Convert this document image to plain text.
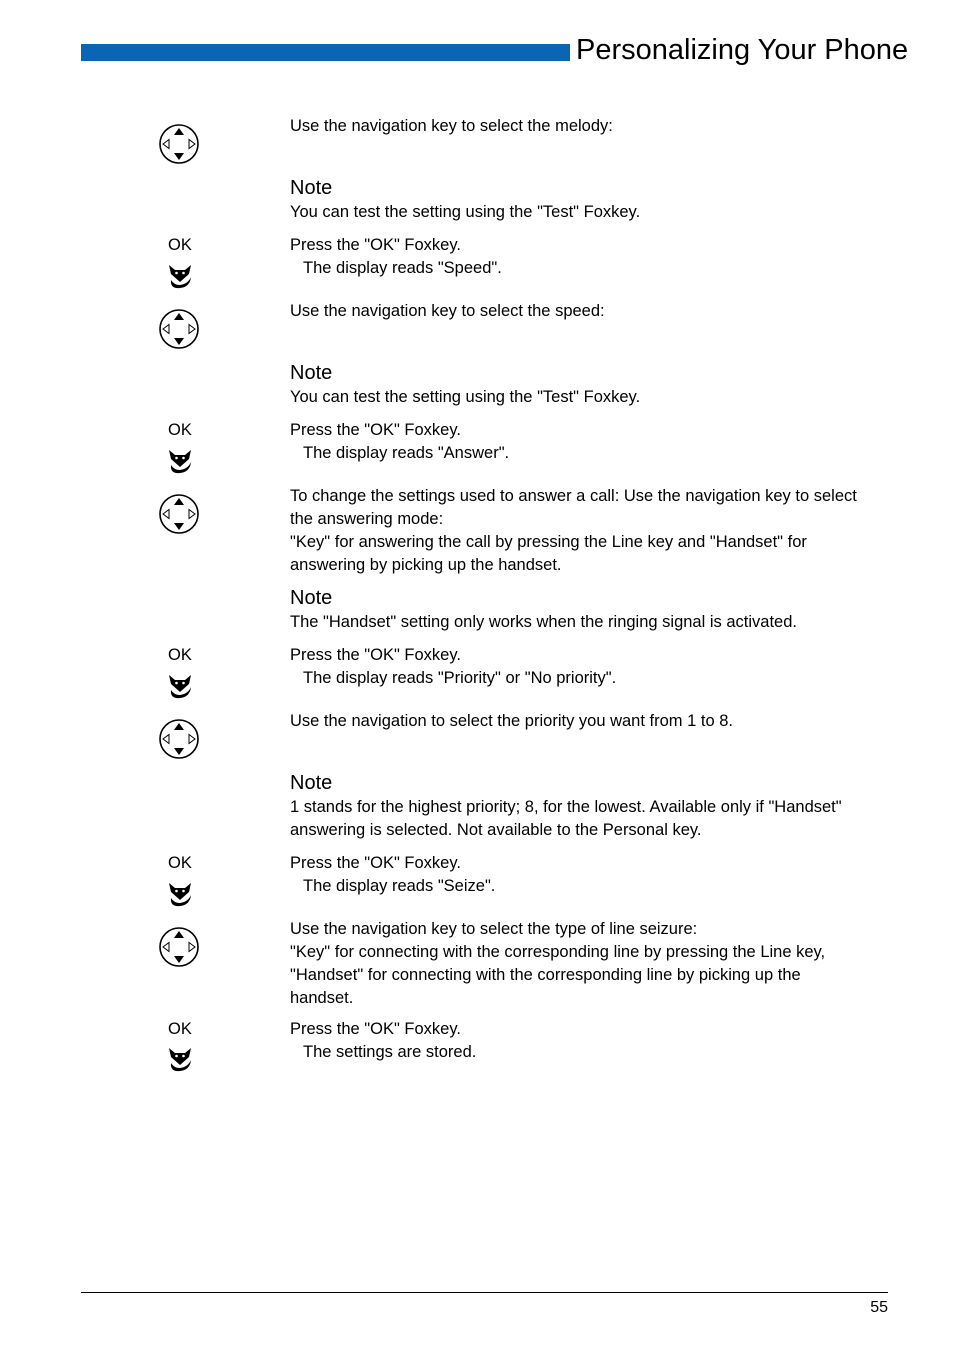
Personalizing Your Phone
Use the navigation key to select the melody:
Note
You can test the setting using the "Test" Foxkey.
OK	Press the "OK" Foxkey.
The display reads "Speed".
Use the navigation key to select the speed:
Note
You can test the setting using the "Test" Foxkey.
OK	Press the "OK" Foxkey.
The display reads "Answer".
To change the settings used to answer a call: Use the navigation key to select
the answering mode:
"Key" for answering the call by pressing the Line key and "Handset" for
answering by picking up the handset.
Note
The "Handset" setting only works when the ringing signal is activated.
OK	Press the "OK" Foxkey.
The display reads "Priority" or "No priority".
Use the navigation to select the priority you want from 1 to 8.
Note
1 stands for the highest priority; 8, for the lowest. Available only if "Handset"
answering is selected. Not available to the Personal key.
OK	Press the "OK" Foxkey.
The display reads "Seize".
Use the navigation key to select the type of line seizure:
"Key" for connecting with the corresponding line by pressing the Line key,
"Handset" for connecting with the corresponding line by picking up the
handset.
OK	Press the "OK" Foxkey.
The settings are stored.
55
